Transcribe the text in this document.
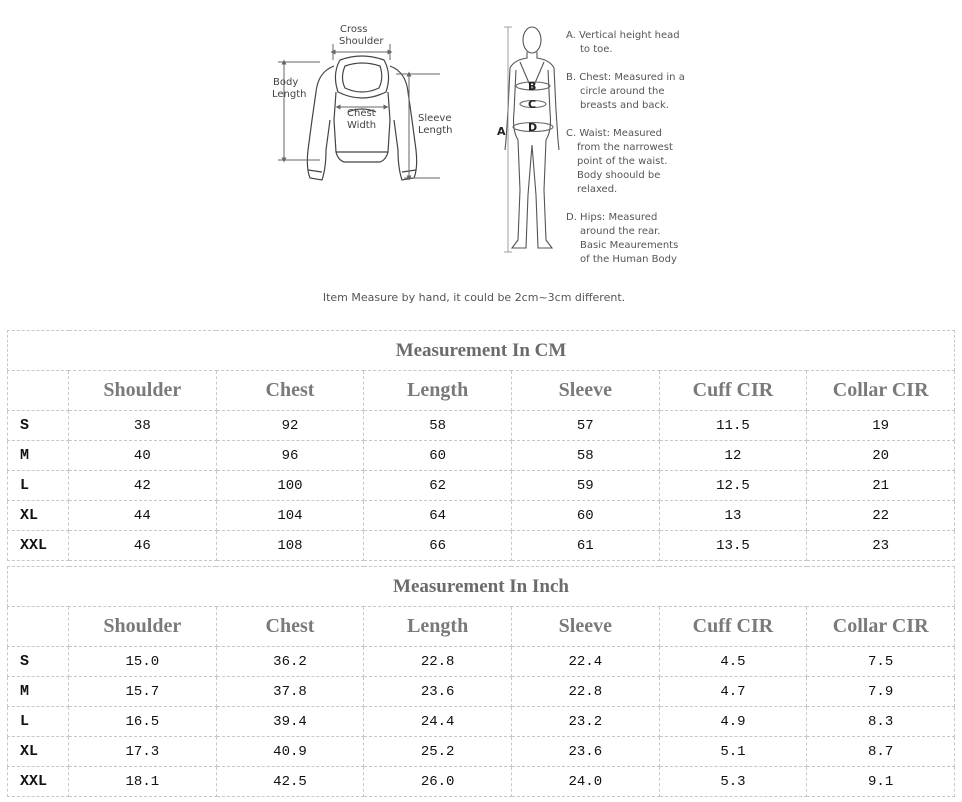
Cross
Shoulder
Body
Length
Chest
Width
Sleeve
Length	A
B
C
D
A. Vertical height head
to toe.
B. Chest: Measured in a
circle around the
breasts and back.
C. Waist: Measured
from the narrowest
point of the waist.
Body shoould be
relaxed.
D. Hips: Measured
around the rear.
Basic Meaurements
of the Human Body
Item Measure by hand, it could be 2cm~3cm different.
Measurement In CM						
	Shoulder	Chest	Length	Sleeve	Cuff CIR	Collar CIR
S	38	92	58	57	11.5	19
M	40	96	60	58	12	20
L	42	100	62	59	12.5	21
XL	44	104	64	60	13	22
XXL	46	108	66	61	13.5	23
Measurement In Inch						
	Shoulder	Chest	Length	Sleeve	Cuff CIR	Collar CIR
S	15.0	36.2	22.8	22.4	4.5	7.5
M	15.7	37.8	23.6	22.8	4.7	7.9
L	16.5	39.4	24.4	23.2	4.9	8.3
XL	17.3	40.9	25.2	23.6	5.1	8.7
XXL	18.1	42.5	26.0	24.0	5.3	9.1
